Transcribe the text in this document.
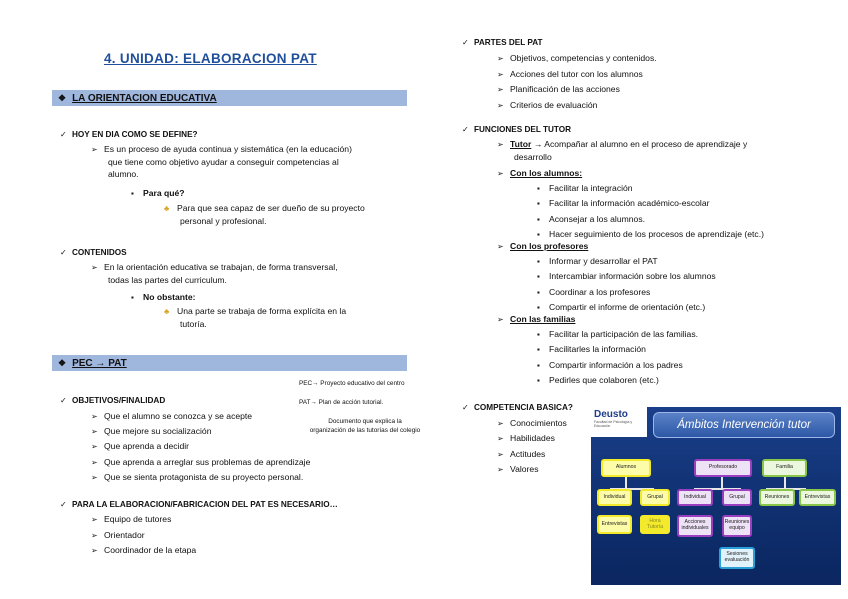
4. UNIDAD: ELABORACION PAT
❖ LA ORIENTACION EDUCATIVA
✓ HOY EN DIA COMO SE DEFINE?
➢ Es un proceso de ayuda continua y sistemática (en la educación)
que tiene como objetivo ayudar a conseguir competencias al
alumno.
▪ Para qué?
♣ Para que sea capaz de ser dueño de su proyecto
personal y profesional.
✓ CONTENIDOS
➢ En la orientación educativa se trabajan, de forma transversal,
todas las partes del curriculum.
▪ No obstante:
♣ Una parte se trabaja de forma explícita en la
tutoría.
❖ PEC → PAT
PEC→ Proyecto educativo del centro
PAT→ Plan de acción tutorial.
Documento que explica la
organización de las tutorías del colegio
✓ OBJETIVOS/FINALIDAD
➢ Que el alumno se conozca y se acepte
➢ Que mejore su socialización
➢ Que aprenda a decidir
➢ Que aprenda a arreglar sus problemas de aprendizaje
➢ Que se sienta protagonista de su proyecto personal.
✓ PARA LA ELABORACION/FABRICACION DEL PAT ES NECESARIO…
➢ Equipo de tutores
➢ Orientador
➢ Coordinador de la etapa
✓ PARTES DEL PAT
➢ Objetivos, competencias y contenidos.
➢ Acciones del tutor con los alumnos
➢ Planificación de las acciones
➢ Criterios de evaluación
✓ FUNCIONES DEL TUTOR
➢ Tutor → Acompañar al alumno en el proceso de aprendizaje y
desarrollo
➢ Con los alumnos:
▪ Facilitar la integración
▪ Facilitar la información académico-escolar
▪ Aconsejar a los alumnos.
▪ Hacer seguimiento de los procesos de aprendizaje (etc.)
➢ Con los profesores
▪ Informar y desarrollar el PAT
▪ Intercambiar información sobre los alumnos
▪ Coordinar a los profesores
▪ Compartir el informe de orientación (etc.)
➢ Con las familias
▪ Facilitar la participación de las familias.
▪ Facilitarles la información
▪ Compartir información a los padres
▪ Pedirles que colaboren (etc.)
✓ COMPETENCIA BASICA?
➢ Conocimientos
➢ Habilidades
➢ Actitudes
➢ Valores
Deusto
Facultad de Psicología y Educación	Ámbitos Intervención tutor
Alumnos	Profesorado	Familia
Individual	Grupal	Individual	Grupal	Reuniones	Entrevistas
Entrevistas	Hora Tutoría
Acciones individuales
Reuniones equipo
Sesiones evaluación
